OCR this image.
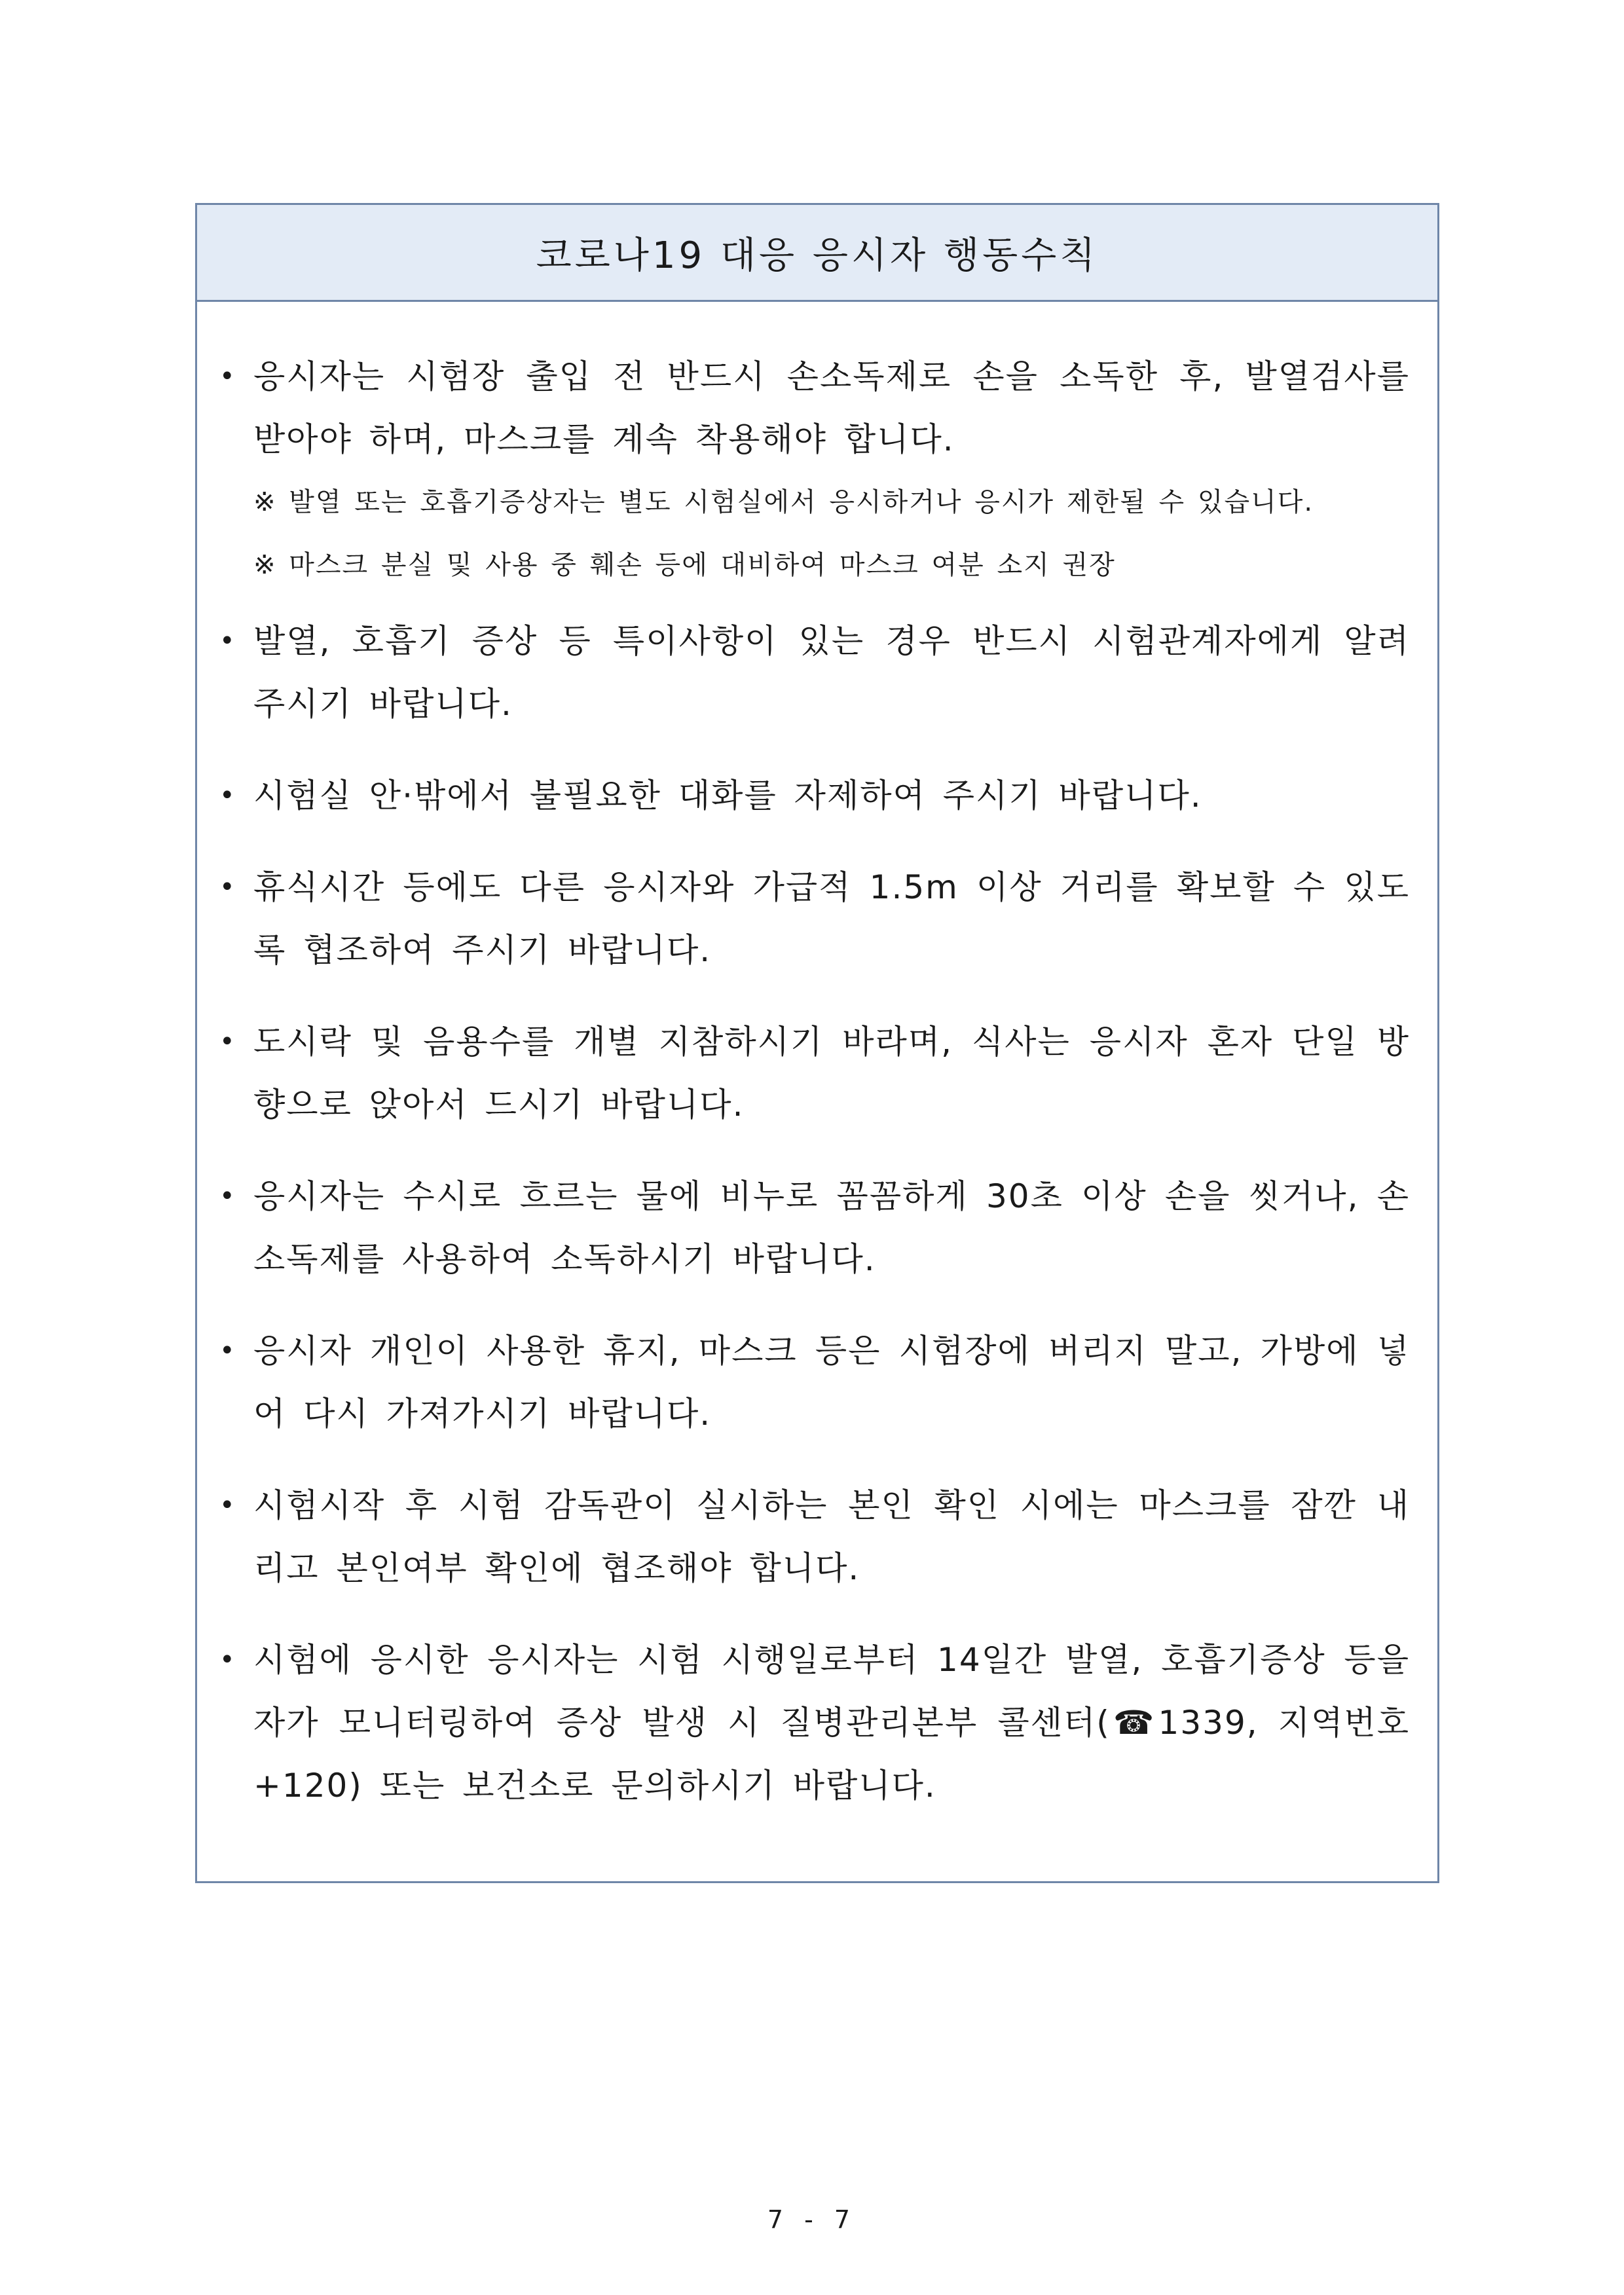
코로나19 대응 응시자 행동수칙
• 응시자는 시험장 출입 전 반드시 손소독제로 손을 소독한 후, 발열검사를 받아야 하며, 마스크를 계속 착용해야 합니다.
※ 발열 또는 호흡기증상자는 별도 시험실에서 응시하거나 응시가 제한될 수 있습니다.
※ 마스크 분실 및 사용 중 훼손 등에 대비하여 마스크 여분 소지 권장
• 발열, 호흡기 증상 등 특이사항이 있는 경우 반드시 시험관계자에게 알려 주시기 바랍니다.
• 시험실 안·밖에서 불필요한 대화를 자제하여 주시기 바랍니다.
• 휴식시간 등에도 다른 응시자와 가급적 1.5m 이상 거리를 확보할 수 있도록 협조하여 주시기 바랍니다.
• 도시락 및 음용수를 개별 지참하시기 바라며, 식사는 응시자 혼자 단일 방향으로 앉아서 드시기 바랍니다.
• 응시자는 수시로 흐르는 물에 비누로 꼼꼼하게 30초 이상 손을 씻거나, 손소독제를 사용하여 소독하시기 바랍니다.
• 응시자 개인이 사용한 휴지, 마스크 등은 시험장에 버리지 말고, 가방에 넣어 다시 가져가시기 바랍니다.
• 시험시작 후 시험 감독관이 실시하는 본인 확인 시에는 마스크를 잠깐 내리고 본인여부 확인에 협조해야 합니다.
• 시험에 응시한 응시자는 시험 시행일로부터 14일간 발열, 호흡기증상 등을 자가 모니터링하여 증상 발생 시 질병관리본부 콜센터(☎1339, 지역번호+120) 또는 보건소로 문의하시기 바랍니다.
7 - 7
